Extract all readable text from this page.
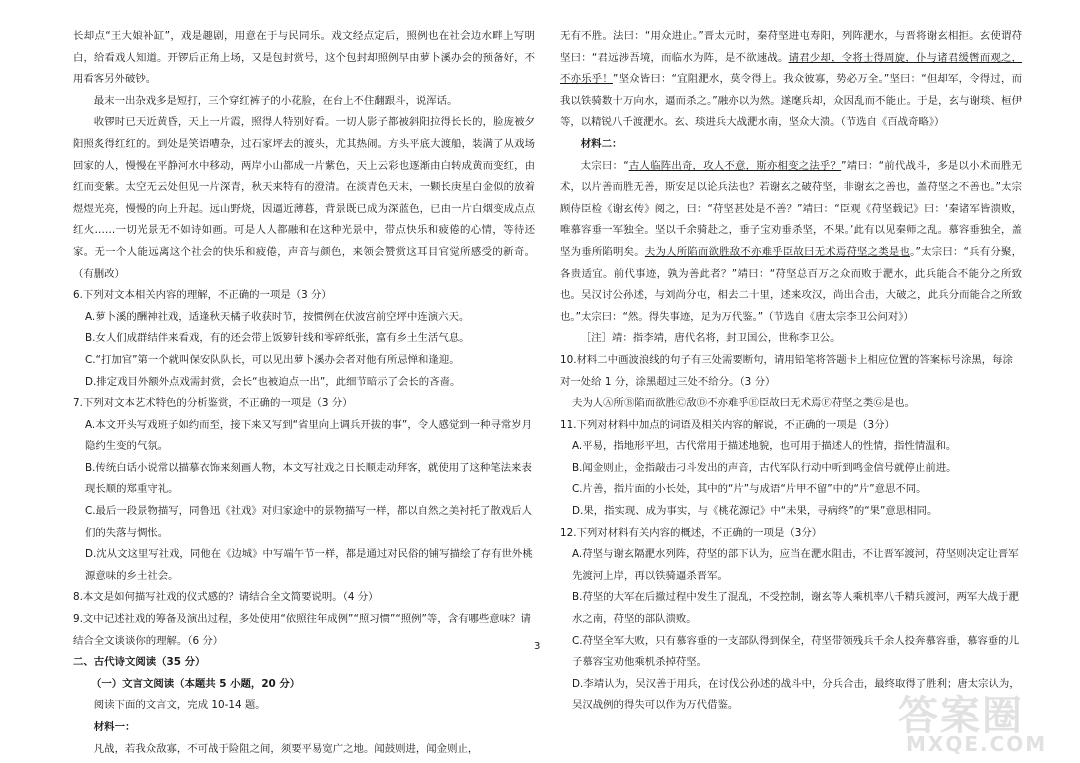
长却点“王大娘补缸”，戏是趣剧，用意在于与民同乐。戏文经点定后，照例也在社会边水畔上写明白，给看戏人知道。开锣后正角上场，又是包封赏号，这个包封却照例早由萝卜溪办会的预备好，不用看客另外破钞。

最末一出杂戏多是短打，三个穿红裤子的小花脸，在台上不住翻跟斗，说浑话。

收锣时已天近黄昏，天上一片霞，照得人特别好看。一切人影子都被斜阳拉得长长的，脸庞被夕阳照炙得红红的。到处是笑语嘈杂，过石家坪去的渡头，尤其热闹。方头平底大渡船，装满了从戏场回家的人，慢慢在平静河水中移动，两岸小山都成一片紫色，天上云彩也逐渐由白转成黄而变红，由红而变紫。太空无云处但见一片深青，秋天来特有的澄清。在淡青色天末，一颗长庚星白金似的放着煜煜光亮，慢慢的向上升起。远山野烧，因逼近薄暮，背景既已成为深蓝色，已由一片白烟变成点点红火……一切光景无不如诗如画。可是人人都融和在这种光景中，带点快乐和疲倦的心情，等待还家。无一个人能远离这个社会的快乐和疲倦，声音与颜色，来领会赞赏这耳目官觉所感受的新奇。（有删改）

6.下列对文本相关内容的理解，不正确的一项是（3 分）

A.萝卜溪的酬神社戏，适逢秋天橘子收获时节，按惯例在伏波宫前空坪中连演六天。

B.女人们成群结伴来看戏，有的还会带上饭箩针线和零碎纸张，富有乡土生活气息。

C.“打加官”第一个就叫保安队队长，可以见出萝卜溪办会者对他有所忌惮和逢迎。

D.排定戏目外额外点戏需封赏，会长“也被迫点一出”，此细节暗示了会长的吝啬。

7.下列对文本艺术特色的分析鉴赏，不正确的一项是（3 分）

A.本文开头写戏班子如约而至，接下来又写到“省里向上调兵开拔的事”，令人感觉到一种寻常岁月隐约生变的气氛。

B.传统白话小说常以描摹衣饰来刻画人物，本文写社戏之日长顺走动拜客，就使用了这种笔法来表现长顺的郑重守礼。

C.最后一段景物描写，同鲁迅《社戏》对归家途中的景物描写一样，都以自然之美衬托了散戏后人们的失落与惆怅。

D.沈从文这里写社戏，同他在《边城》中写端午节一样，都是通过对民俗的铺写描绘了存有世外桃源意味的乡土社会。

8.本文是如何描写社戏的仪式感的？请结合全文简要说明。（4 分）

9.文中记述社戏的筹备及演出过程，多处使用“依照往年成例”“照习惯”“照例”等，含有哪些意味？请结合全文谈谈你的理解。（6 分）

二、古代诗文阅读（35 分）

（一）文言文阅读（本题共 5 小题，20 分）

阅读下面的文言文，完成 10-14 题。

材料一：

凡战，若我众敌寡，不可战于险阻之间，须要平易宽广之地。闻鼓则进，闻金则止，

无有不胜。法曰：“用众进止。”晋太元时，秦苻坚进屯寿阳，列阵淝水，与晋将谢玄相拒。玄使谓苻坚曰：“君远涉吾境，而临水为阵，是不欲速战。请君少却，令将士得周旋，仆与诸君缓辔而观之，不亦乐乎！”坚众皆曰：“宜阻淝水，莫令得上。我众彼寡，势必万全。”坚曰：“但却军，令得过，而我以铁骑数十万向水，逼而杀之。”融亦以为然。遂麾兵却，众因乱而不能止。于是，玄与谢琰、桓伊等，以精锐八千渡淝水。玄、琰进兵大战淝水南，坚众大溃。（节选自《百战奇略》）

材料二：

太宗曰：“古人临阵出奇，攻人不意，斯亦相变之法乎？”靖曰：“前代战斗，多是以小术而胜无术，以片善而胜无善，斯安足以论兵法也？若谢玄之破苻坚，非谢玄之善也，盖苻坚之不善也。”太宗顾侍臣检《谢玄传》阅之，曰：“苻坚甚处是不善？”靖曰：“臣观《苻坚载记》曰：‘秦诸军皆溃败，唯慕容垂一军独全。坚以千余骑赴之，垂子宝劝垂杀坚，不果。’此有以见秦师之乱。慕容垂独全，盖坚为垂所陷明矣。夫为人所陷而欲胜敌不亦难乎臣故曰无术焉苻坚之类是也。”太宗曰：“兵有分聚，各贵适宜。前代事迹，孰为善此者？”靖曰：“苻坚总百万之众而败于淝水，此兵能合不能分之所致也。吴汉讨公孙述，与刘尚分屯，相去二十里，述来攻汉，尚出合击，大破之，此兵分而能合之所致也。”太宗曰：“然。得失事迹，足为万代鉴。”（节选自《唐太宗李卫公问对》）

［注］靖：指李靖，唐代名将，封卫国公，世称李卫公。

10.材料二中画波浪线的句子有三处需要断句，请用铅笔将答题卡上相应位置的答案标号涂黑，每涂对一处给 1 分，涂黑超过三处不给分。（3 分）

夫为人Ⓐ所Ⓑ陷而欲胜Ⓒ敌Ⓓ不亦难乎Ⓔ臣故曰无术焉Ⓕ苻坚之类Ⓖ是也。

11.下列对材料中加点的词语及相关内容的解说，不正确的一项是（3分）

A.平易，指地形平坦，古代常用于描述地貌，也可用于描述人的性情，指性情温和。

B.闻金则止，金指敲击刁斗发出的声音，古代军队行动中听到鸣金信号就停止前进。

C.片善，指片面的小长处，其中的“片”与成语“片甲不留”中的“片”意思不同。

D.果，指实现、成为事实，与《桃花源记》中“未果，寻病终”的“果”意思相同。

12.下列对材料有关内容的概述，不正确的一项是（3分）

A.苻坚与谢玄隔淝水列阵，苻坚的部下认为，应当在淝水阻击，不让晋军渡河，苻坚则决定让晋军先渡河上岸，再以铁骑逼杀晋军。

B.苻坚的大军在后撤过程中发生了混乱，不受控制，谢玄等人乘机率八千精兵渡河，两军大战于淝水之南，苻坚的部队溃败。

C.苻坚全军大败，只有慕容垂的一支部队得到保全，苻坚带领残兵千余人投奔慕容垂，慕容垂的儿子慕容宝劝他乘机杀掉苻坚。

D.李靖认为，吴汉善于用兵，在讨伐公孙述的战斗中，分兵合击，最终取得了胜利；唐太宗认为，吴汉战例的得失可以作为万代借鉴。

3
答案圈
MXQE.COM
